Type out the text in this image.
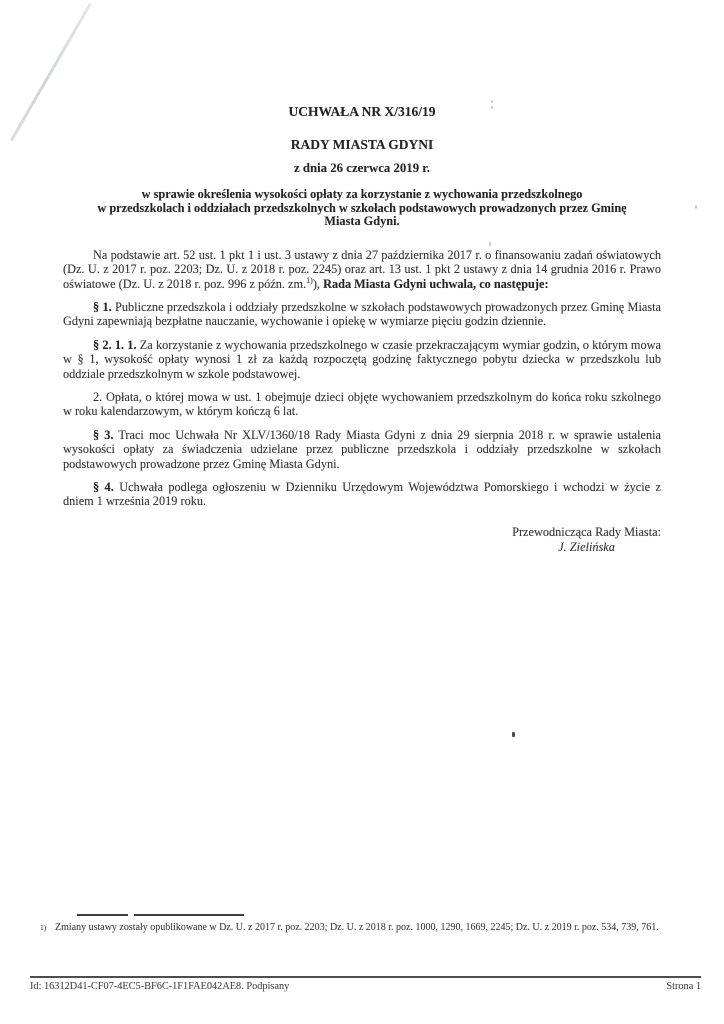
UCHWAŁA NR X/316/19
RADY MIASTA GDYNI
z dnia 26 czerwca 2019 r.
w sprawie określenia wysokości opłaty za korzystanie z wychowania przedszkolnego
w przedszkolach i oddziałach przedszkolnych w szkołach podstawowych prowadzonych przez Gminę
Miasta Gdyni.

Na podstawie art. 52 ust. 1 pkt 1 i ust. 3 ustawy z dnia 27 października 2017 r. o finansowaniu zadań oświatowych (Dz. U. z 2017 r. poz. 2203; Dz. U. z 2018 r. poz. 2245) oraz art. 13 ust. 1 pkt 2 ustawy z dnia 14 grudnia 2016 r. Prawo oświatowe (Dz. U. z 2018 r. poz. 996 z późn. zm.$^{1)}$), Rada Miasta Gdyni uchwala, co następuje:

§ 1. Publiczne przedszkola i oddziały przedszkolne w szkołach podstawowych prowadzonych przez Gminę Miasta Gdyni zapewniają bezpłatne nauczanie, wychowanie i opiekę w wymiarze pięciu godzin dziennie.

§ 2. 1. 1. Za korzystanie z wychowania przedszkolnego w czasie przekraczającym wymiar godzin, o którym mowa w § 1, wysokość opłaty wynosi 1 zł za każdą rozpoczętą godzinę faktycznego pobytu dziecka w przedszkolu lub oddziale przedszkolnym w szkole podstawowej.

2. Opłata, o której mowa w ust. 1 obejmuje dzieci objęte wychowaniem przedszkolnym do końca roku szkolnego w roku kalendarzowym, w którym kończą 6 lat.

§ 3. Traci moc Uchwała Nr XLV/1360/18 Rady Miasta Gdyni z dnia 29 sierpnia 2018 r. w sprawie ustalenia wysokości opłaty za świadczenia udzielane przez publiczne przedszkola i oddziały przedszkolne w szkołach podstawowych prowadzone przez Gminę Miasta Gdyni.

§ 4. Uchwała podlega ogłoszeniu w Dzienniku Urzędowym Województwa Pomorskiego i wchodzi w życie z dniem 1 września 2019 roku.

Przewodnicząca Rady Miasta:
J. Zielińska
1) Zmiany ustawy zostały opublikowane w Dz. U. z 2017 r. poz. 2203; Dz. U. z 2018 r. poz. 1000, 1290, 1669, 2245; Dz. U. z 2019 r. poz. 534, 739, 761.
Id: 16312D41-CF07-4EC5-BF6C-1F1FAE042AE8. Podpisany	Strona 1
